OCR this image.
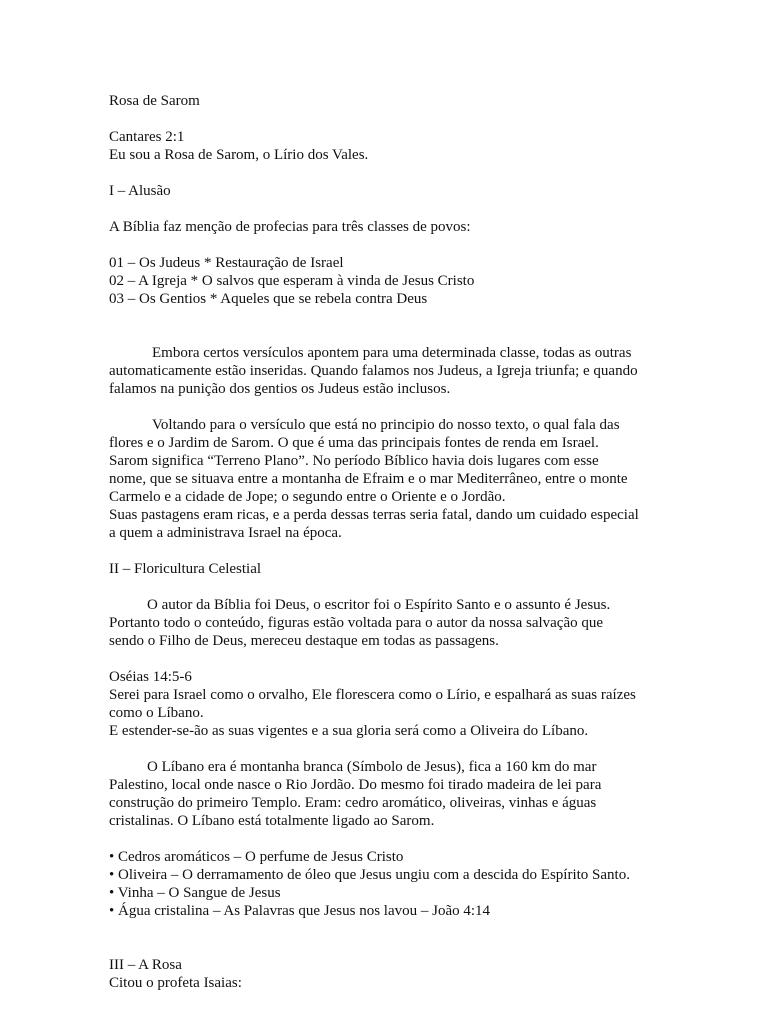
Rosa de Sarom
Cantares 2:1
Eu sou a Rosa de Sarom, o Lírio dos Vales.
I – Alusão
A Bíblia faz menção de profecias para três classes de povos:
01 – Os Judeus * Restauração de Israel
02 – A Igreja * O salvos que esperam à vinda de Jesus Cristo
03 – Os Gentios * Aqueles que se rebela contra Deus
Embora certos versículos apontem para uma determinada classe, todas as outras
automaticamente estão inseridas. Quando falamos nos Judeus, a Igreja triunfa; e quando
falamos na punição dos gentios os Judeus estão inclusos.
Voltando para o versículo que está no principio do nosso texto, o qual fala das
flores e o Jardim de Sarom. O que é uma das principais fontes de renda em Israel.
Sarom significa “Terreno Plano”. No período Bíblico havia dois lugares com esse
nome, que se situava entre a montanha de Efraim e o mar Mediterrâneo, entre o monte
Carmelo e a cidade de Jope; o segundo entre o Oriente e o Jordão.
Suas pastagens eram ricas, e a perda dessas terras seria fatal, dando um cuidado especial
a quem a administrava Israel na época.
II – Floricultura Celestial
O autor da Bíblia foi Deus, o escritor foi o Espírito Santo e o assunto é Jesus.
Portanto todo o conteúdo, figuras estão voltada para o autor da nossa salvação que
sendo o Filho de Deus, mereceu destaque em todas as passagens.
Oséias 14:5-6
Serei para Israel como o orvalho, Ele florescera como o Lírio, e espalhará as suas raízes
como o Líbano.
E estender-se-ão as suas vigentes e a sua gloria será como a Oliveira do Líbano.
O Líbano era é montanha branca (Símbolo de Jesus), fica a 160 km do mar
Palestino, local onde nasce o Rio Jordão. Do mesmo foi tirado madeira de lei para
construção do primeiro Templo. Eram: cedro aromático, oliveiras, vinhas e águas
cristalinas. O Líbano está totalmente ligado ao Sarom.
• Cedros aromáticos – O perfume de Jesus Cristo
• Oliveira – O derramamento de óleo que Jesus ungiu com a descida do Espírito Santo.
• Vinha – O Sangue de Jesus
• Água cristalina – As Palavras que Jesus nos lavou – João 4:14
III – A Rosa
Citou o profeta Isaias:
